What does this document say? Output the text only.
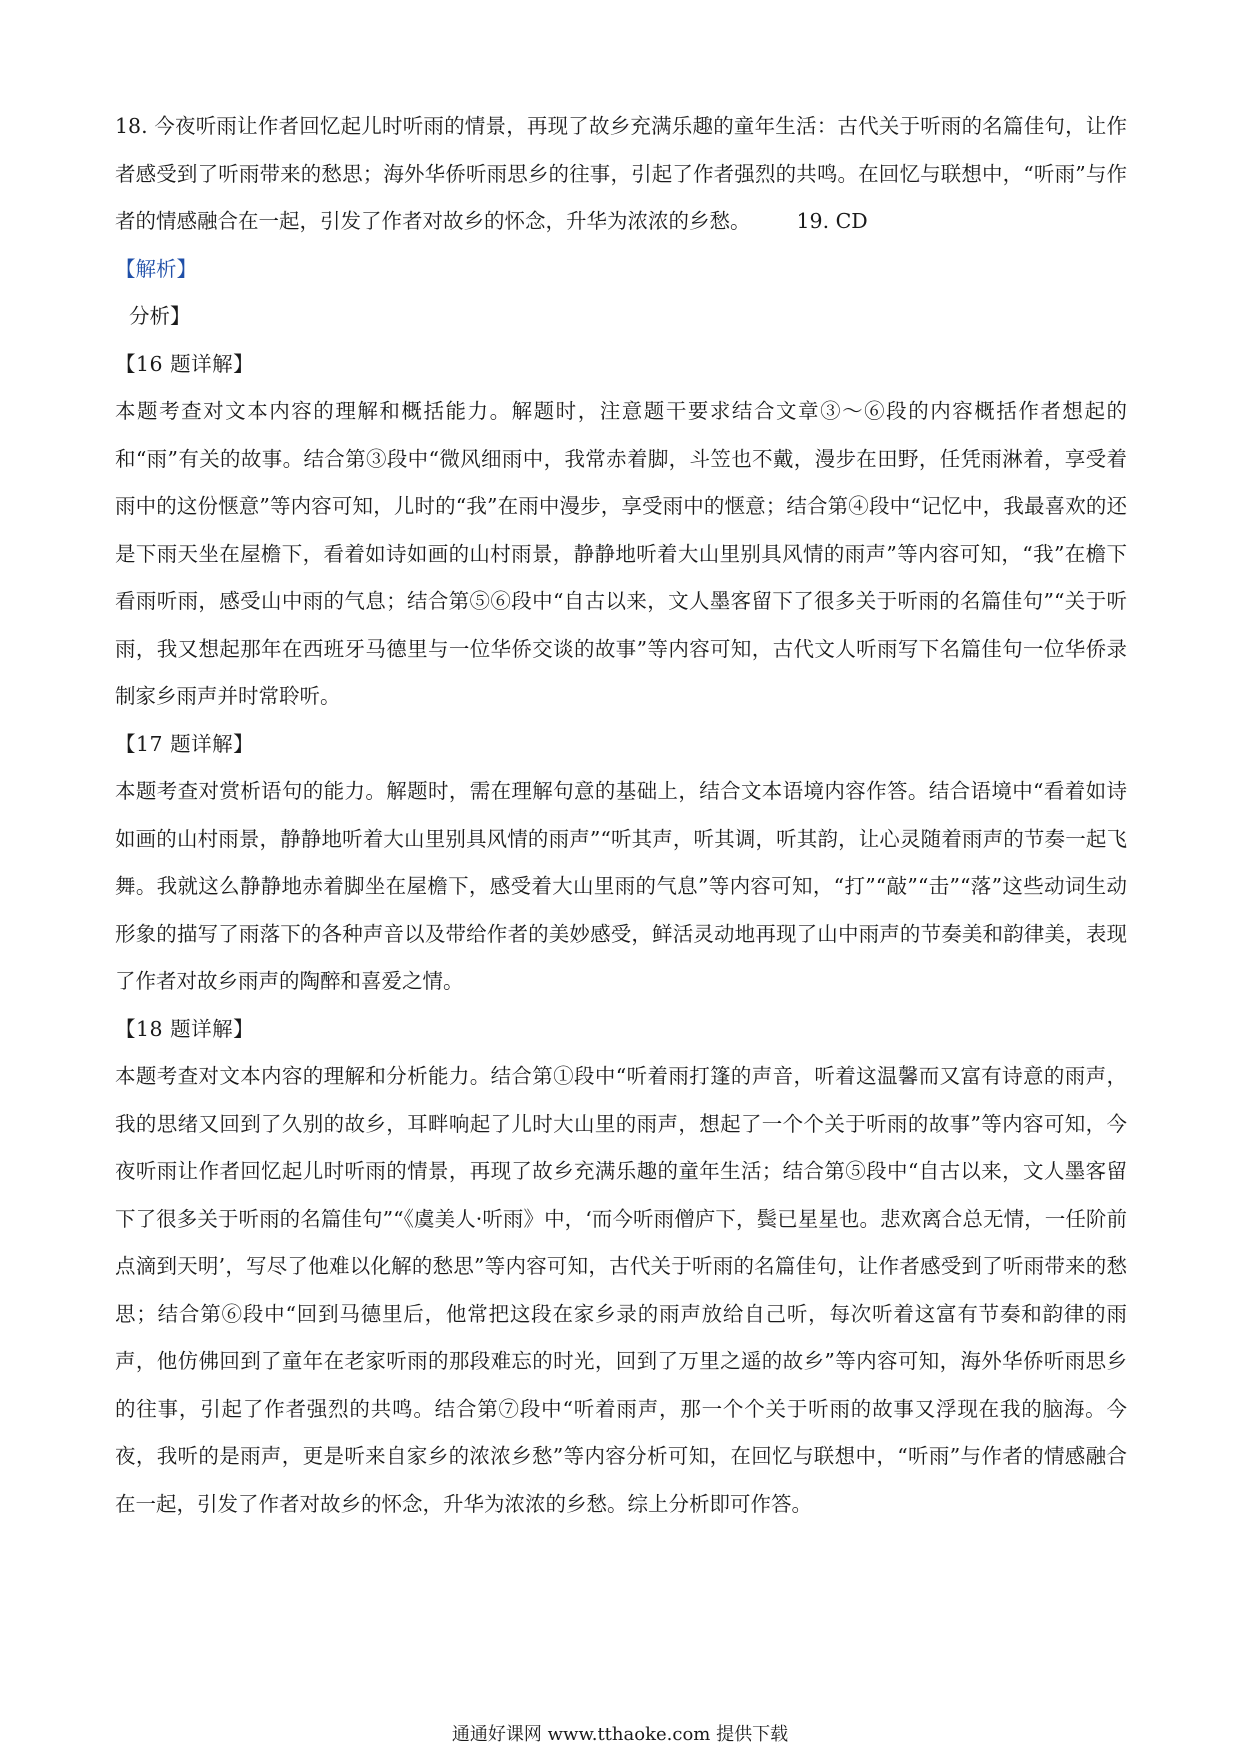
18. 今夜听雨让作者回忆起儿时听雨的情景，再现了故乡充满乐趣的童年生活：古代关于听雨的名篇佳句，让作者感受到了听雨带来的愁思；海外华侨听雨思乡的往事，引起了作者强烈的共鸣。在回忆与联想中，“听雨”与作者的情感融合在一起，引发了作者对故乡的怀念，升华为浓浓的乡愁。 19. CD

【解析】

分析】

【16 题详解】

本题考查对文本内容的理解和概括能力。解题时，注意题干要求结合文章③～⑥段的内容概括作者想起的和“雨”有关的故事。结合第③段中“微风细雨中，我常赤着脚，斗笠也不戴，漫步在田野，任凭雨淋着，享受着雨中的这份惬意”等内容可知，儿时的“我”在雨中漫步，享受雨中的惬意；结合第④段中“记忆中，我最喜欢的还是下雨天坐在屋檐下，看着如诗如画的山村雨景，静静地听着大山里别具风情的雨声”等内容可知，“我”在檐下看雨听雨，感受山中雨的气息；结合第⑤⑥段中“自古以来，文人墨客留下了很多关于听雨的名篇佳句”“关于听雨，我又想起那年在西班牙马德里与一位华侨交谈的故事”等内容可知，古代文人听雨写下名篇佳句一位华侨录制家乡雨声并时常聆听。

【17 题详解】

本题考查对赏析语句的能力。解题时，需在理解句意的基础上，结合文本语境内容作答。结合语境中“看着如诗如画的山村雨景，静静地听着大山里别具风情的雨声”“听其声，听其调，听其韵，让心灵随着雨声的节奏一起飞舞。我就这么静静地赤着脚坐在屋檐下，感受着大山里雨的气息”等内容可知，“打”“敲”“击”“落”这些动词生动形象的描写了雨落下的各种声音以及带给作者的美妙感受，鲜活灵动地再现了山中雨声的节奏美和韵律美，表现了作者对故乡雨声的陶醉和喜爱之情。

【18 题详解】

本题考查对文本内容的理解和分析能力。结合第①段中“听着雨打篷的声音，听着这温馨而又富有诗意的雨声，我的思绪又回到了久别的故乡，耳畔响起了儿时大山里的雨声，想起了一个个关于听雨的故事”等内容可知，今夜听雨让作者回忆起儿时听雨的情景，再现了故乡充满乐趣的童年生活；结合第⑤段中“自古以来，文人墨客留下了很多关于听雨的名篇佳句”“《虞美人·听雨》中，‘而今听雨僧庐下，鬓已星星也。悲欢离合总无情，一任阶前点滴到天明’，写尽了他难以化解的愁思”等内容可知，古代关于听雨的名篇佳句，让作者感受到了听雨带来的愁思；结合第⑥段中“回到马德里后，他常把这段在家乡录的雨声放给自己听，每次听着这富有节奏和韵律的雨声，他仿佛回到了童年在老家听雨的那段难忘的时光，回到了万里之遥的故乡”等内容可知，海外华侨听雨思乡的往事，引起了作者强烈的共鸣。结合第⑦段中“听着雨声，那一个个关于听雨的故事又浮现在我的脑海。今夜，我听的是雨声，更是听来自家乡的浓浓乡愁”等内容分析可知，在回忆与联想中，“听雨”与作者的情感融合在一起，引发了作者对故乡的怀念，升华为浓浓的乡愁。综上分析即可作答。

通通好课网 www.tthaoke.com 提供下载
